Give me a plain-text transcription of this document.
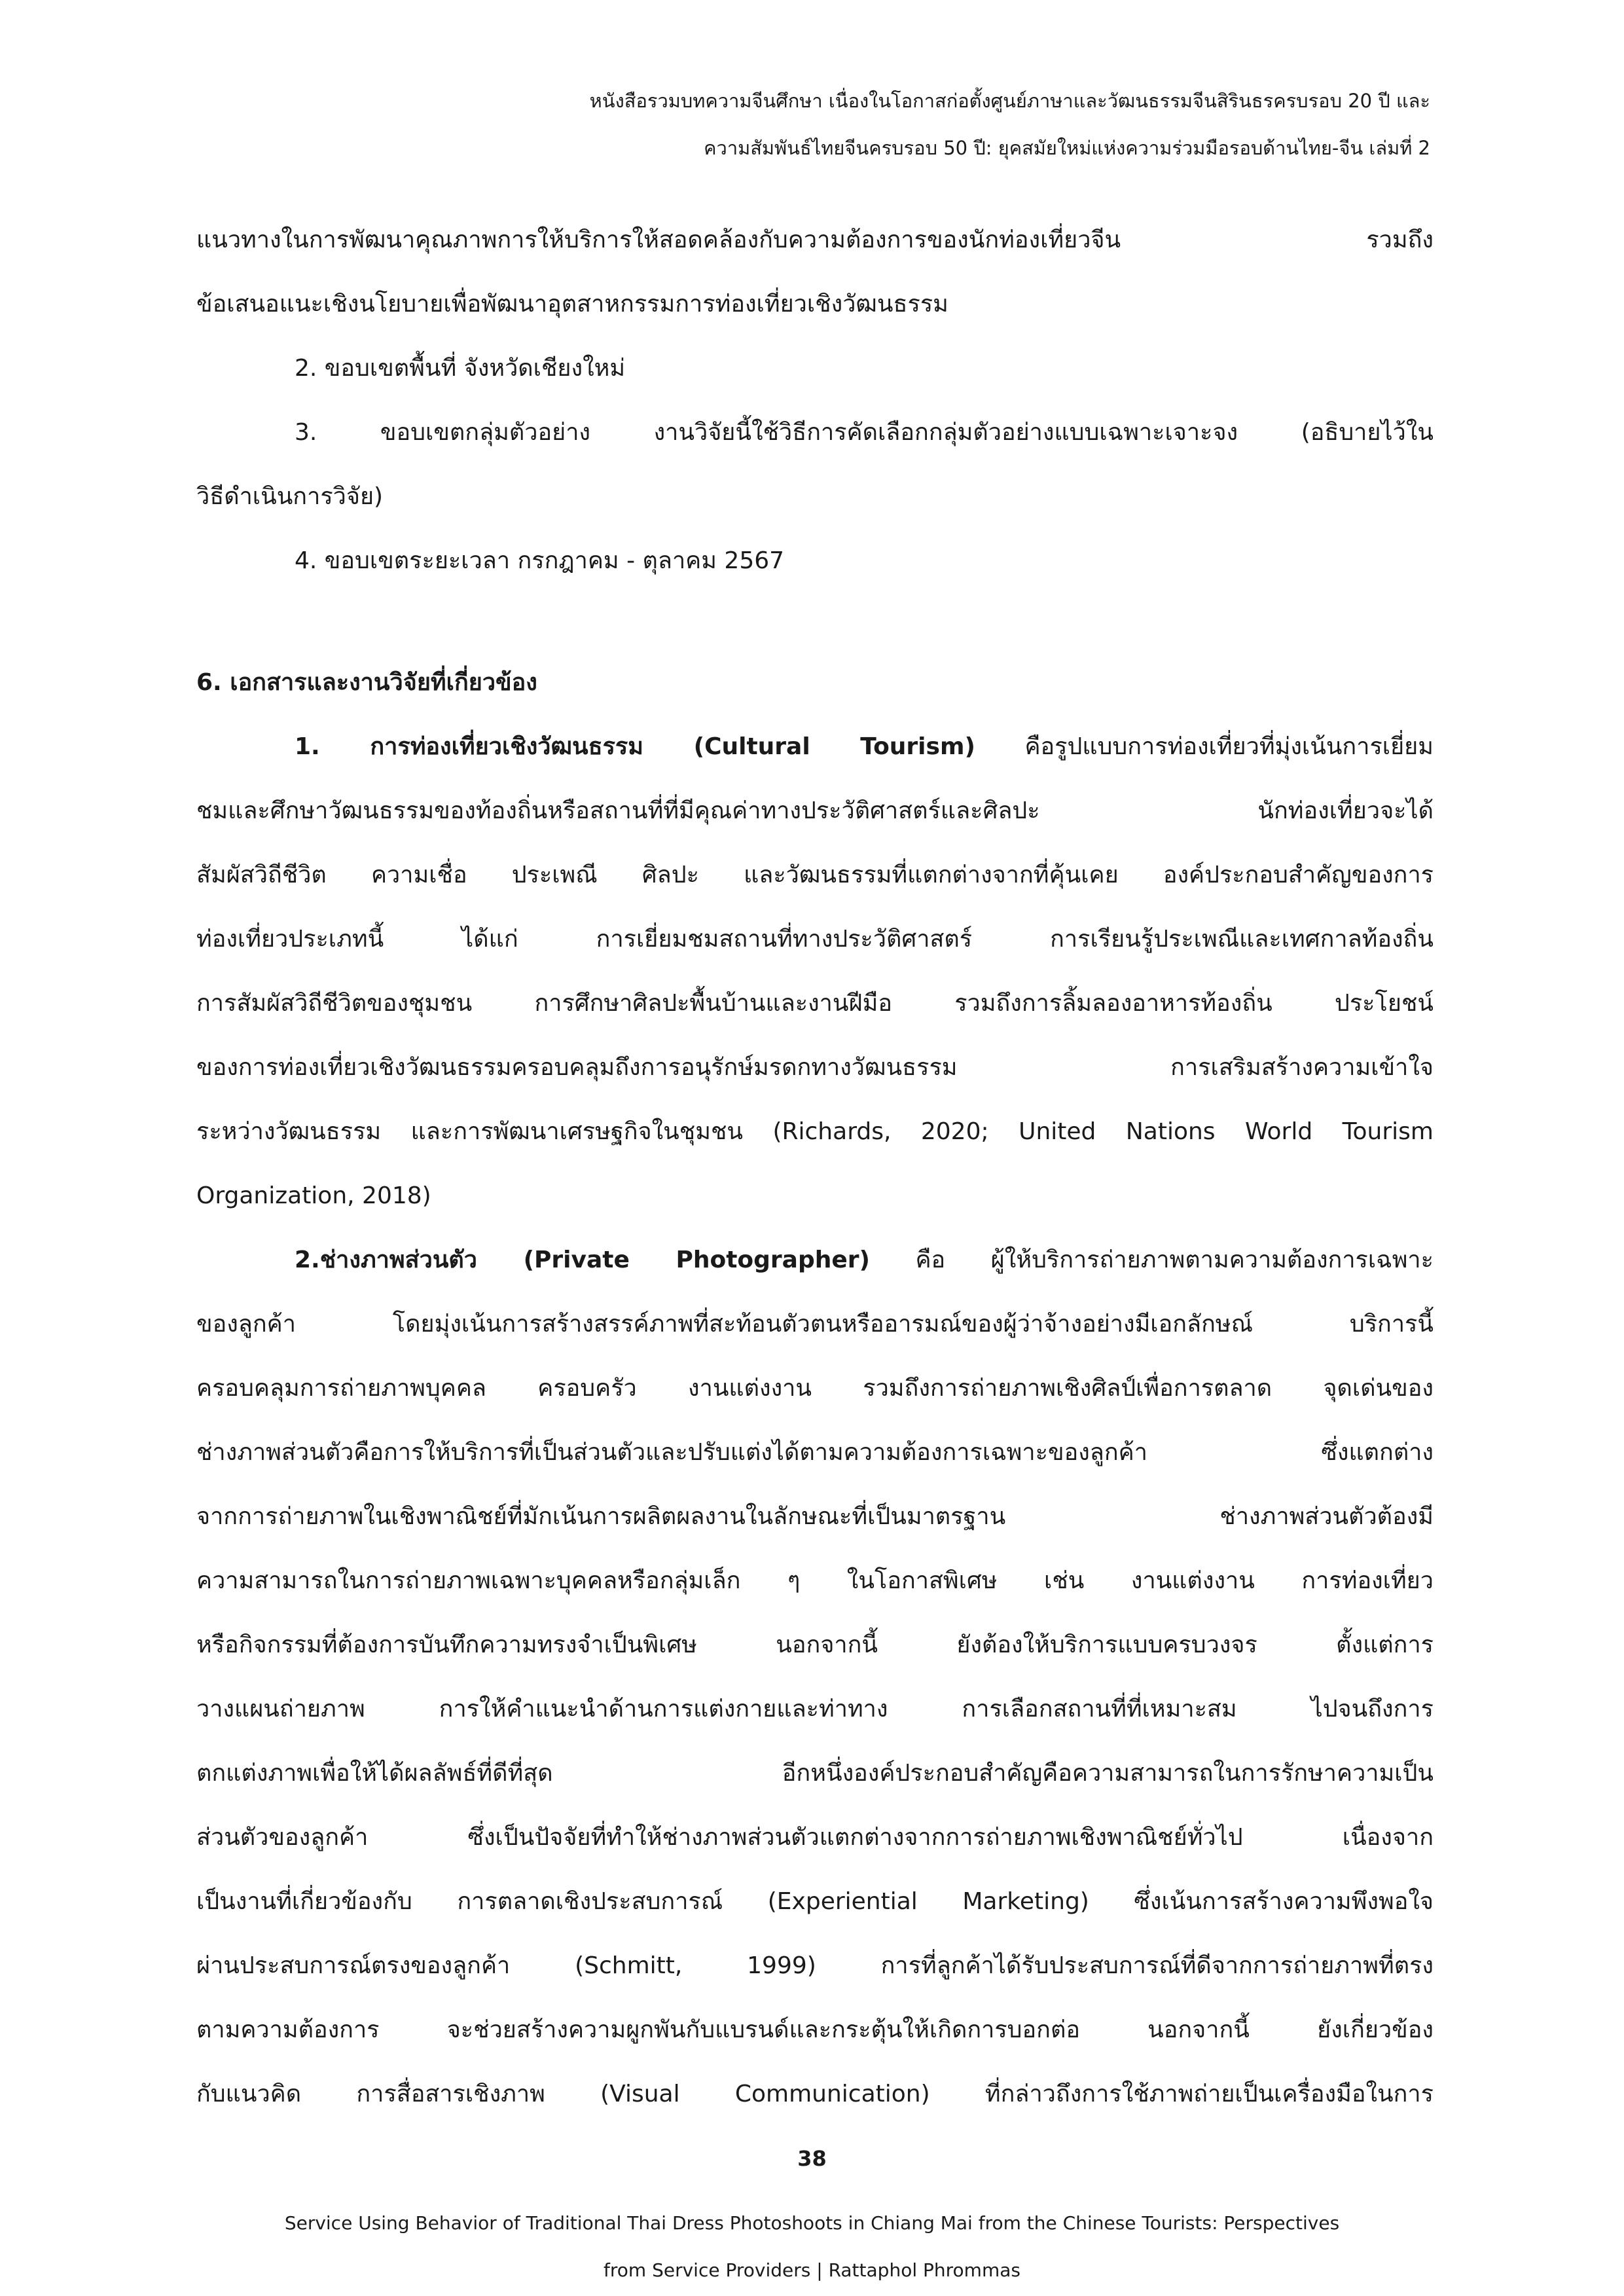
หนังสือรวมบทความจีนศึกษา เนื่องในโอกาสก่อตั้งศูนย์ภาษาและวัฒนธรรมจีนสิรินธรครบรอบ 20 ปี และ
ความสัมพันธ์ไทยจีนครบรอบ 50 ปี: ยุคสมัยใหม่แห่งความร่วมมือรอบด้านไทย-จีน เล่มที่ 2
แนวทางในการพัฒนาคุณภาพการให้บริการให้สอดคล้องกับความต้องการของนักท่องเที่ยวจีน รวมถึง
ข้อเสนอแนะเชิงนโยบายเพื่อพัฒนาอุตสาหกรรมการท่องเที่ยวเชิงวัฒนธรรม
2. ขอบเขตพื้นที่ จังหวัดเชียงใหม่
3. ขอบเขตกลุ่มตัวอย่าง งานวิจัยนี้ใช้วิธีการคัดเลือกกลุ่มตัวอย่างแบบเฉพาะเจาะจง (อธิบายไว้ใน
วิธีดำเนินการวิจัย)
4. ขอบเขตระยะเวลา กรกฎาคม - ตุลาคม 2567
6. เอกสารและงานวิจัยที่เกี่ยวข้อง
1. การท่องเที่ยวเชิงวัฒนธรรม (Cultural Tourism) คือรูปแบบการท่องเที่ยวที่มุ่งเน้นการเยี่ยม
ชมและศึกษาวัฒนธรรมของท้องถิ่นหรือสถานที่ที่มีคุณค่าทางประวัติศาสตร์และศิลปะ นักท่องเที่ยวจะได้
สัมผัสวิถีชีวิต ความเชื่อ ประเพณี ศิลปะ และวัฒนธรรมที่แตกต่างจากที่คุ้นเคย องค์ประกอบสำคัญของการ
ท่องเที่ยวประเภทนี้ ได้แก่ การเยี่ยมชมสถานที่ทางประวัติศาสตร์ การเรียนรู้ประเพณีและเทศกาลท้องถิ่น
การสัมผัสวิถีชีวิตของชุมชน การศึกษาศิลปะพื้นบ้านและงานฝีมือ รวมถึงการลิ้มลองอาหารท้องถิ่น ประโยชน์
ของการท่องเที่ยวเชิงวัฒนธรรมครอบคลุมถึงการอนุรักษ์มรดกทางวัฒนธรรม การเสริมสร้างความเข้าใจ
ระหว่างวัฒนธรรม และการพัฒนาเศรษฐกิจในชุมชน (Richards, 2020; United Nations World Tourism
Organization, 2018)
2.ช่างภาพส่วนตัว (Private Photographer) คือ ผู้ให้บริการถ่ายภาพตามความต้องการเฉพาะ
ของลูกค้า โดยมุ่งเน้นการสร้างสรรค์ภาพที่สะท้อนตัวตนหรืออารมณ์ของผู้ว่าจ้างอย่างมีเอกลักษณ์ บริการนี้
ครอบคลุมการถ่ายภาพบุคคล ครอบครัว งานแต่งงาน รวมถึงการถ่ายภาพเชิงศิลป์เพื่อการตลาด จุดเด่นของ
ช่างภาพส่วนตัวคือการให้บริการที่เป็นส่วนตัวและปรับแต่งได้ตามความต้องการเฉพาะของลูกค้า ซึ่งแตกต่าง
จากการถ่ายภาพในเชิงพาณิชย์ที่มักเน้นการผลิตผลงานในลักษณะที่เป็นมาตรฐาน ช่างภาพส่วนตัวต้องมี
ความสามารถในการถ่ายภาพเฉพาะบุคคลหรือกลุ่มเล็ก ๆ ในโอกาสพิเศษ เช่น งานแต่งงาน การท่องเที่ยว
หรือกิจกรรมที่ต้องการบันทึกความทรงจำเป็นพิเศษ นอกจากนี้ ยังต้องให้บริการแบบครบวงจร ตั้งแต่การ
วางแผนถ่ายภาพ การให้คำแนะนำด้านการแต่งกายและท่าทาง การเลือกสถานที่ที่เหมาะสม ไปจนถึงการ
ตกแต่งภาพเพื่อให้ได้ผลลัพธ์ที่ดีที่สุด อีกหนึ่งองค์ประกอบสำคัญคือความสามารถในการรักษาความเป็น
ส่วนตัวของลูกค้า ซึ่งเป็นปัจจัยที่ทำให้ช่างภาพส่วนตัวแตกต่างจากการถ่ายภาพเชิงพาณิชย์ทั่วไป เนื่องจาก
เป็นงานที่เกี่ยวข้องกับ การตลาดเชิงประสบการณ์ (Experiential Marketing) ซึ่งเน้นการสร้างความพึงพอใจ
ผ่านประสบการณ์ตรงของลูกค้า (Schmitt, 1999) การที่ลูกค้าได้รับประสบการณ์ที่ดีจากการถ่ายภาพที่ตรง
ตามความต้องการ จะช่วยสร้างความผูกพันกับแบรนด์และกระตุ้นให้เกิดการบอกต่อ นอกจากนี้ ยังเกี่ยวข้อง
กับแนวคิด การสื่อสารเชิงภาพ (Visual Communication) ที่กล่าวถึงการใช้ภาพถ่ายเป็นเครื่องมือในการ
38
Service Using Behavior of Traditional Thai Dress Photoshoots in Chiang Mai from the Chinese Tourists: Perspectives
from Service Providers | Rattaphol Phrommas
